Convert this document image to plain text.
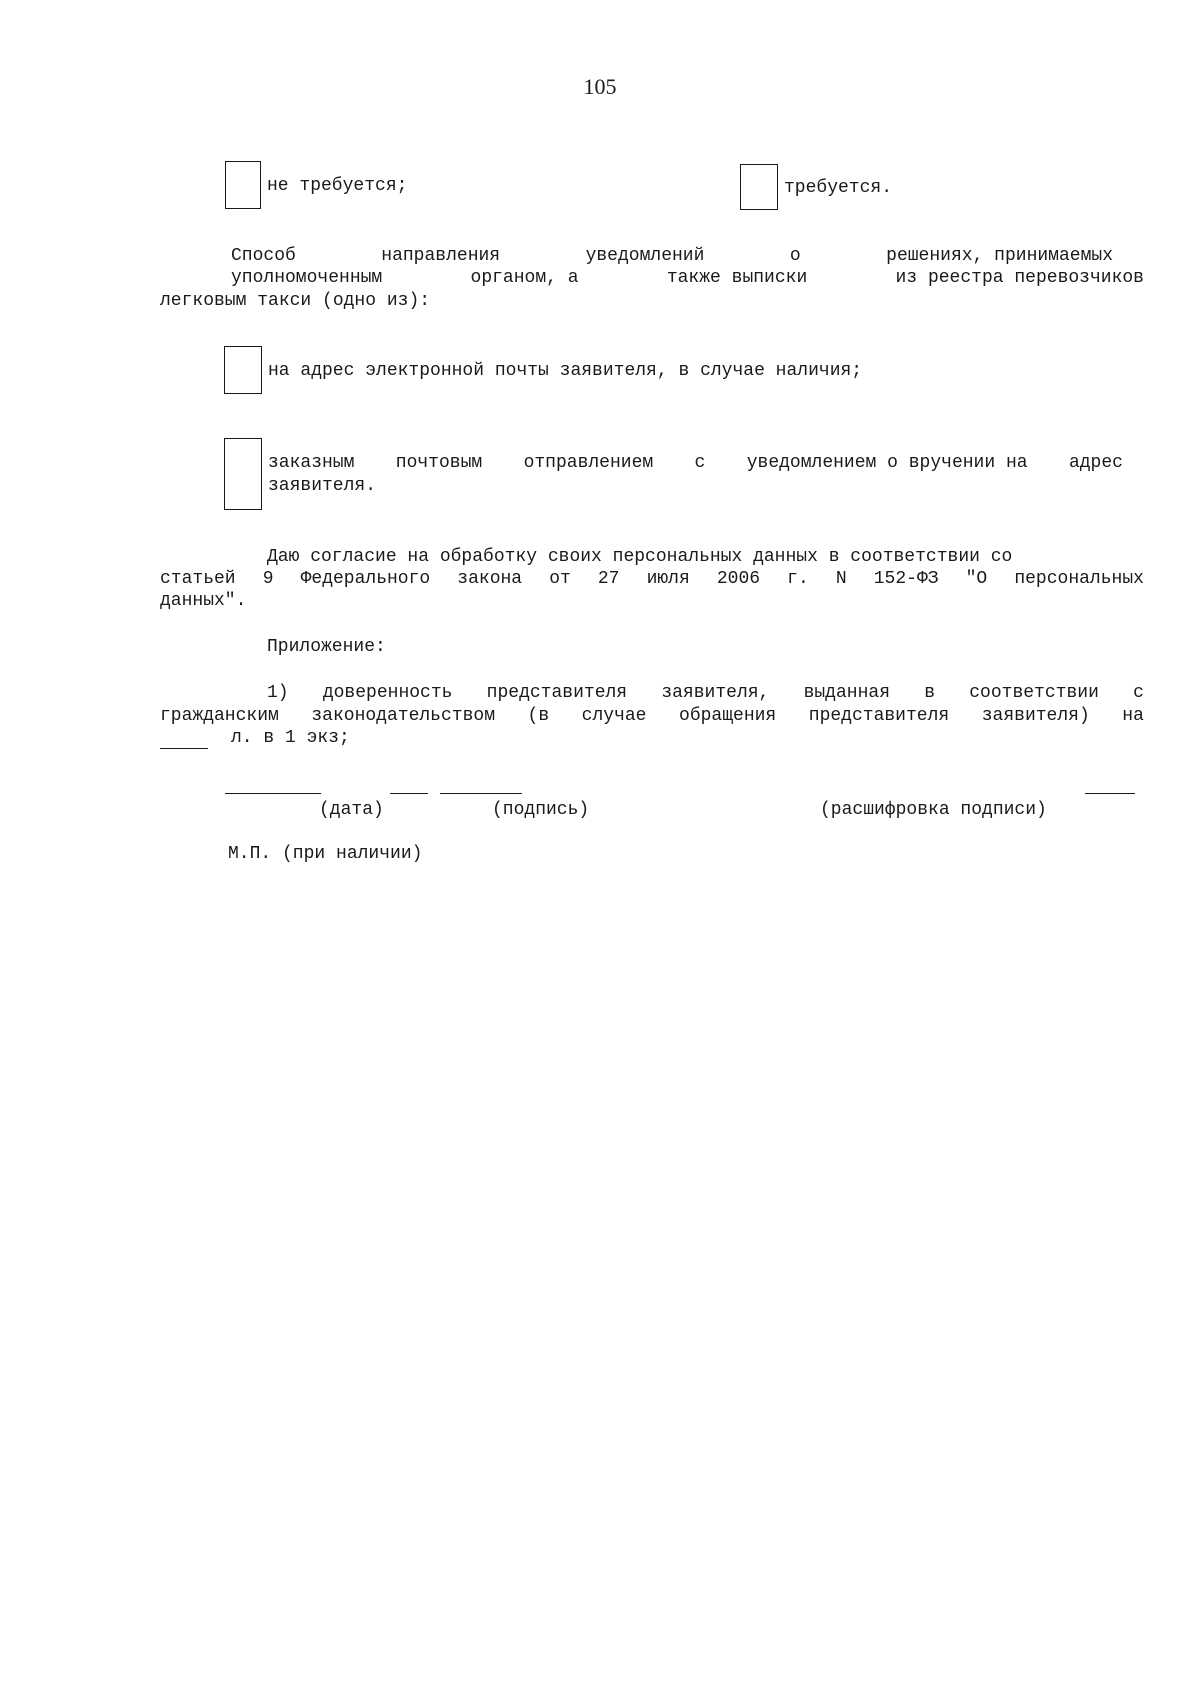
105
не требуется;	требуется.
Способ	направления	уведомлений	о	решениях, принимаемых
уполномоченным	органом, а	также выписки	из реестра перевозчиков
легковым такси (одно из):
на адрес электронной почты заявителя, в случае наличия;
заказным почтовым отправлением с уведомлением о вручении на адрес
заявителя.
Даю согласие на обработку своих персональных данных в соответствии со
статьей 9 Федерального закона от 27 июля 2006 г. N 152-ФЗ "О персональных
данных".
Приложение:
1) доверенность представителя заявителя, выданная в соответствии с
гражданским законодательством (в случае обращения представителя заявителя) на
л. в 1 экз;
(дата)	(подпись)	(расшифровка подписи)
М.П. (при наличии)
